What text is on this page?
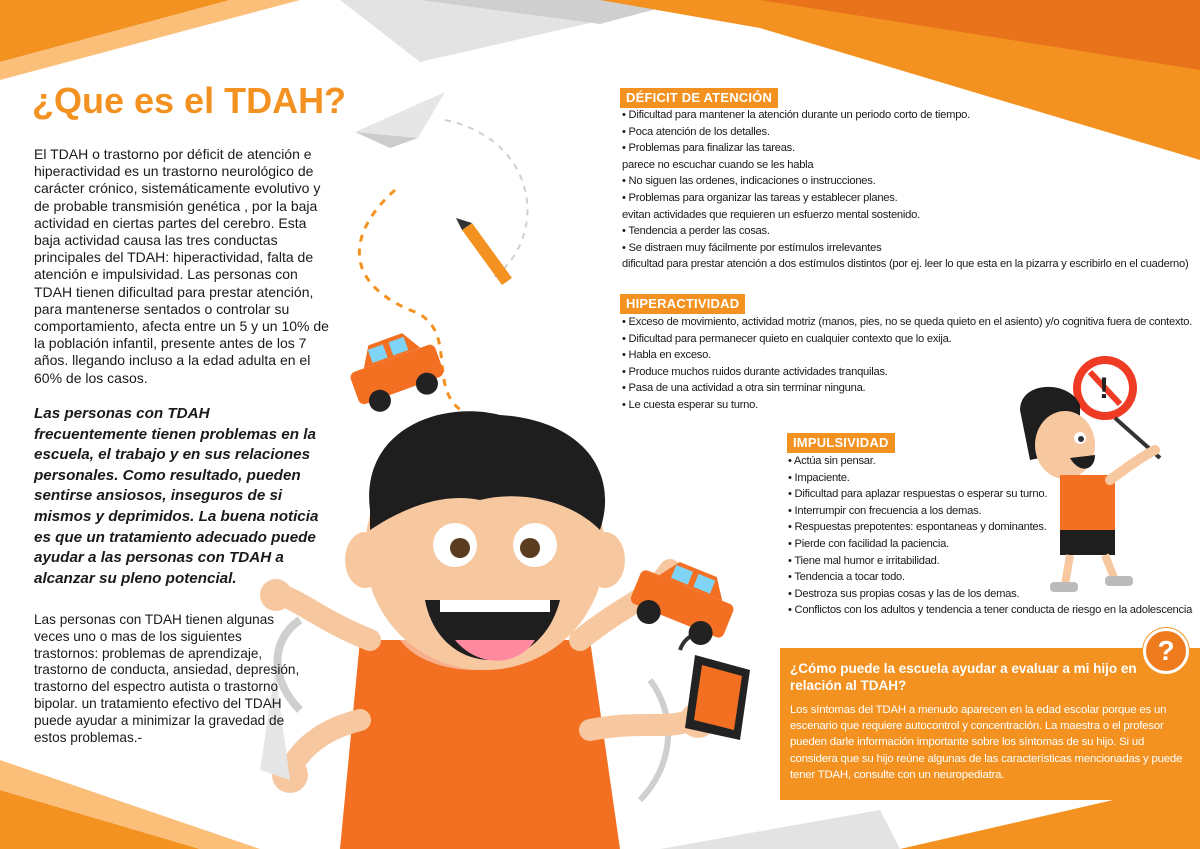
!
¿Que es el TDAH?
El TDAH o trastorno por déficit de atención e hiperactividad es un trastorno neurológico de carácter crónico, sistemáticamente evolutivo y de probable transmisión genética , por la baja actividad en ciertas partes del cerebro. Esta baja actividad causa las tres conductas principales del TDAH: hiperactividad, falta de atención e impulsividad. Las personas con TDAH tienen dificultad para prestar atención, para mantenerse sentados o controlar su comportamiento, afecta entre un 5 y un 10% de la población infantil, presente antes de los 7 años. llegando incluso a la edad adulta en el 60% de los casos.
Las personas con TDAH frecuentemente tienen problemas en la escuela, el trabajo y en sus relaciones personales. Como resultado, pueden sentirse ansiosos, inseguros de si mismos y deprimidos. La buena noticia es que un tratamiento adecuado puede ayudar a las personas con TDAH a alcanzar su pleno potencial.
Las personas con TDAH tienen algunas veces uno o mas de los siguientes trastornos: problemas de aprendizaje, trastorno de conducta, ansiedad, depresión, trastorno del espectro autista o trastorno bipolar. un tratamiento efectivo del TDAH puede ayudar a minimizar la gravedad de estos problemas.-
DÉFICIT DE ATENCIÓN
• Dificultad para mantener la atención durante un periodo corto de tiempo.
• Poca atención de los detalles.
• Problemas para finalizar las tareas.
parece no escuchar cuando se les habla
• No siguen las ordenes, indicaciones o instrucciones.
• Problemas para organizar las tareas y establecer planes.
evitan actividades que requieren un esfuerzo mental sostenido.
• Tendencia a perder las cosas.
• Se distraen muy fácilmente por estímulos irrelevantes
dificultad para prestar atención a dos estímulos distintos (por ej. leer lo que esta en la pizarra y escribirlo en el cuaderno)
HIPERACTIVIDAD
• Exceso de movimiento, actividad motriz (manos, pies, no se queda quieto en el asiento) y/o cognitiva fuera de contexto.
• Dificultad para permanecer quieto en cualquier contexto que lo exija.
• Habla en exceso.
• Produce muchos ruidos durante actividades tranquilas.
• Pasa de una actividad a otra sin terminar ninguna.
• Le cuesta esperar su turno.
IMPULSIVIDAD
• Actúa sin pensar.
• Impaciente.
• Dificultad para aplazar respuestas o esperar su turno.
• Interrumpir con frecuencia a los demas.
• Respuestas prepotentes: espontaneas y dominantes.
• Pierde con facilidad la paciencia.
• Tiene mal humor e irritabilidad.
• Tendencia a tocar todo.
• Destroza sus propias cosas y las de los demas.
• Conflictos con los adultos y tendencia a tener conducta de riesgo en la adolescencia
?
¿Cómo puede la escuela ayudar a evaluar a mi hijo en relación al TDAH?
Los síntomas del TDAH a menudo aparecen en la edad escolar porque es un escenario que requiere autocontrol y concentración. La maestra o el profesor pueden darle información importante sobre los síntomas de su hijo. Si ud considera que su hijo reúne algunas de las características mencionadas y puede tener TDAH, consulte con un neuropediatra.
